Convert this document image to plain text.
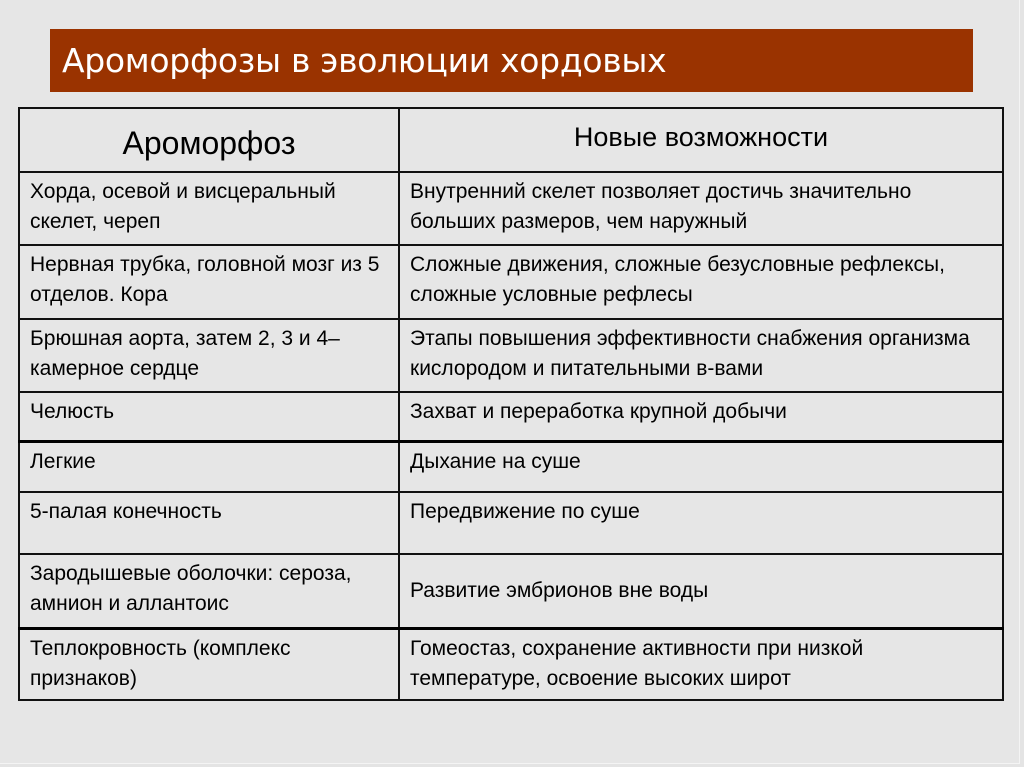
Ароморфозы в эволюции хордовых
Ароморфоз	Новые возможности
Хорда, осевой и висцеральный скелет, череп	Внутренний скелет позволяет достичь значительно больших размеров, чем наружный
Нервная трубка, головной мозг из 5 отделов. Кора	Сложные движения, сложные безусловные рефлексы, сложные условные рефлесы
Брюшная аорта, затем 2, 3 и 4–камерное сердце	Этапы повышения эффективности снабжения организма кислородом и питательными в-вами
Челюсть	Захват и переработка крупной добычи
Легкие	Дыхание на суше
5-палая конечность	Передвижение по суше
Зародышевые оболочки: сероза, амнион и аллантоис	Развитие эмбрионов вне воды
Теплокровность (комплекс признаков)	Гомеостаз, сохранение активности при низкой температуре, освоение высоких широт
